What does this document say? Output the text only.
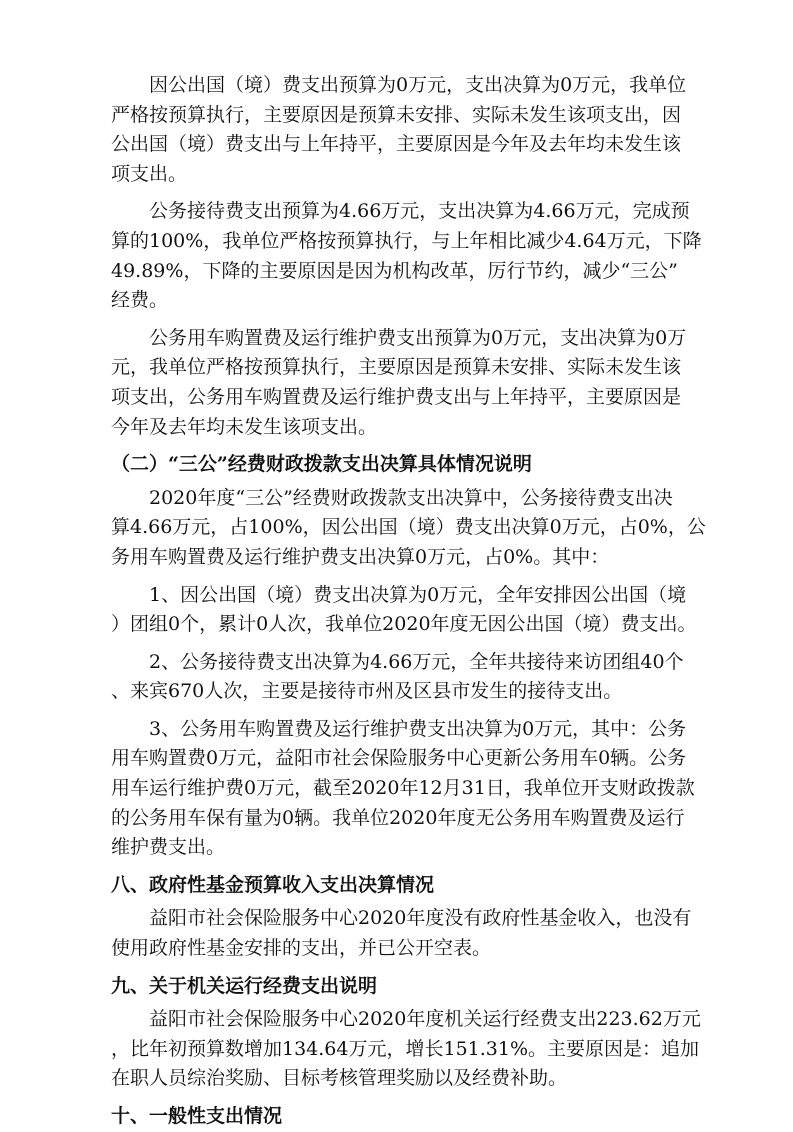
因公出国（境）费支出预算为0万元，支出决算为0万元，我单位
严格按预算执行，主要原因是预算未安排、实际未发生该项支出，因
公出国（境）费支出与上年持平，主要原因是今年及去年均未发生该
项支出。
公务接待费支出预算为4.66万元，支出决算为4.66万元，完成预
算的100%，我单位严格按预算执行，与上年相比减少4.64万元，下降
49.89%，下降的主要原因是因为机构改革，厉行节约，减少“三公”
经费。
公务用车购置费及运行维护费支出预算为0万元，支出决算为0万
元，我单位严格按预算执行，主要原因是预算未安排、实际未发生该
项支出，公务用车购置费及运行维护费支出与上年持平，主要原因是
今年及去年均未发生该项支出。
（二）“三公”经费财政拨款支出决算具体情况说明
2020年度“三公”经费财政拨款支出决算中，公务接待费支出决
算4.66万元，占100%，因公出国（境）费支出决算0万元，占0%，公
务用车购置费及运行维护费支出决算0万元，占0%。其中：
1、因公出国（境）费支出决算为0万元，全年安排因公出国（境
）团组0个，累计0人次，我单位2020年度无因公出国（境）费支出。
2、公务接待费支出决算为4.66万元，全年共接待来访团组40个
、来宾670人次，主要是接待市州及区县市发生的接待支出。
3、公务用车购置费及运行维护费支出决算为0万元，其中：公务
用车购置费0万元，益阳市社会保险服务中心更新公务用车0辆。公务
用车运行维护费0万元，截至2020年12月31日，我单位开支财政拨款
的公务用车保有量为0辆。我单位2020年度无公务用车购置费及运行
维护费支出。
八、政府性基金预算收入支出决算情况
益阳市社会保险服务中心2020年度没有政府性基金收入，也没有
使用政府性基金安排的支出，并已公开空表。
九、关于机关运行经费支出说明
益阳市社会保险服务中心2020年度机关运行经费支出223.62万元
，比年初预算数增加134.64万元，增长151.31%。主要原因是：追加
在职人员综治奖励、目标考核管理奖励以及经费补助。
十、一般性支出情况
